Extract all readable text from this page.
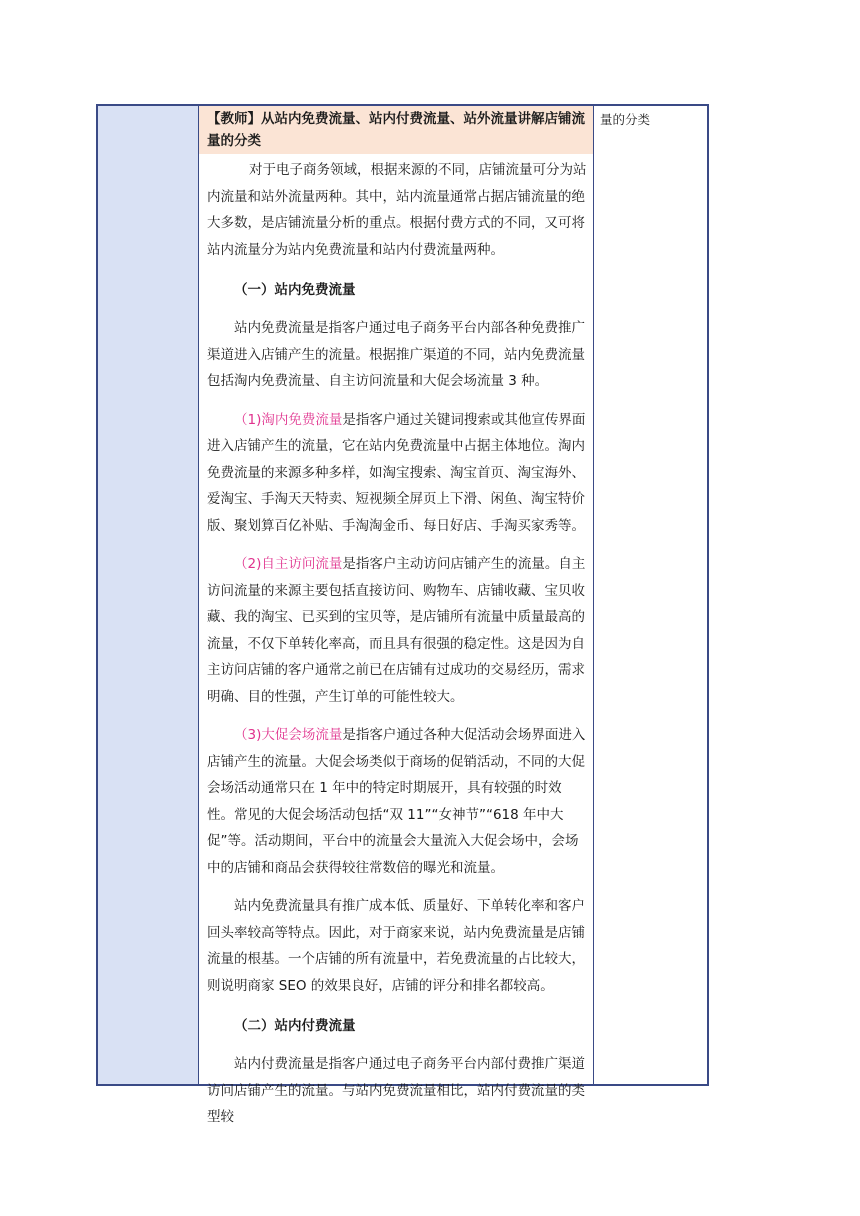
【教师】从站内免费流量、站内付费流量、站外流量讲解店铺流量的分类

对于电子商务领域，根据来源的不同，店铺流量可分为站内流量和站外流量两种。其中，站内流量通常占据店铺流量的绝大多数，是店铺流量分析的重点。根据付费方式的不同，又可将站内流量分为站内免费流量和站内付费流量两种。

（一）站内免费流量

站内免费流量是指客户通过电子商务平台内部各种免费推广渠道进入店铺产生的流量。根据推广渠道的不同，站内免费流量包括淘内免费流量、自主访问流量和大促会场流量 3 种。

（1)淘内免费流量是指客户通过关键词搜索或其他宣传界面进入店铺产生的流量，它在站内免费流量中占据主体地位。淘内免费流量的来源多种多样，如淘宝搜索、淘宝首页、淘宝海外、爱淘宝、手淘天天特卖、短视频全屏页上下滑、闲鱼、淘宝特价版、聚划算百亿补贴、手淘淘金币、每日好店、手淘买家秀等。

（2)自主访问流量是指客户主动访问店铺产生的流量。自主访问流量的来源主要包括直接访问、购物车、店铺收藏、宝贝收藏、我的淘宝、已买到的宝贝等，是店铺所有流量中质量最高的流量，不仅下单转化率高，而且具有很强的稳定性。这是因为自主访问店铺的客户通常之前已在店铺有过成功的交易经历，需求明确、目的性强，产生订单的可能性较大。

（3)大促会场流量是指客户通过各种大促活动会场界面进入店铺产生的流量。大促会场类似于商场的促销活动，不同的大促会场活动通常只在 1 年中的特定时期展开，具有较强的时效性。常见的大促会场活动包括“双 11”“女神节”“618 年中大促”等。活动期间，平台中的流量会大量流入大促会场中，会场中的店铺和商品会获得较往常数倍的曝光和流量。

站内免费流量具有推广成本低、质量好、下单转化率和客户回头率较高等特点。因此，对于商家来说，站内免费流量是店铺流量的根基。一个店铺的所有流量中，若免费流量的占比较大，则说明商家 SEO 的效果良好，店铺的评分和排名都较高。

（二）站内付费流量

站内付费流量是指客户通过电子商务平台内部付费推广渠道访问店铺产生的流量。与站内免费流量相比，站内付费流量的类型较

量的分类
